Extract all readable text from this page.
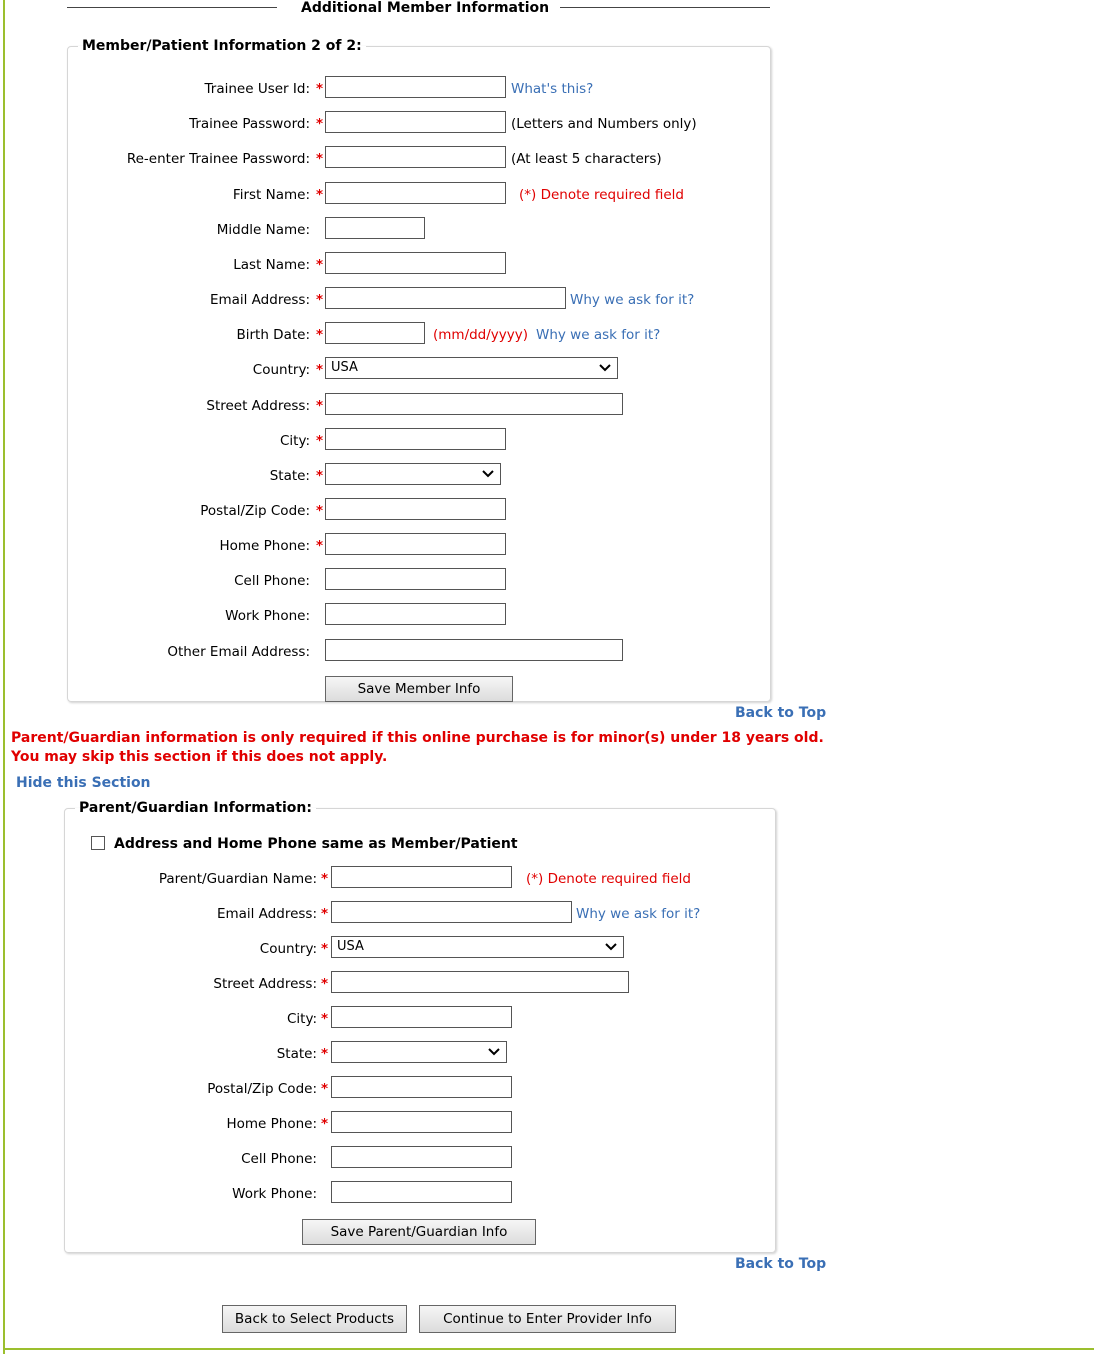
Additional Member Information
Member/Patient Information 2 of 2:
Trainee User Id: *	What's this?
Trainee Password: *	(Letters and Numbers only)
Re-enter Trainee Password: *	(At least 5 characters)
First Name: *	(*) Denote required field
Middle Name:
Last Name: *
Email Address: *	Why we ask for it?
Birth Date: *	(mm/dd/yyyy) Why we ask for it?
Country: * USA
Street Address: *
City: *
State: *
Postal/Zip Code: *
Home Phone: *
Cell Phone:
Work Phone:
Other Email Address:
Save Member Info
Back to Top
Parent/Guardian information is only required if this online purchase is for minor(s) under 18 years old. You may skip this section if this does not apply.
Hide this Section
Parent/Guardian Information:
Address and Home Phone same as Member/Patient
Parent/Guardian Name: *	(*) Denote required field
Email Address: *	Why we ask for it?
Country: * USA
Street Address: *
City: *
State: *
Postal/Zip Code: *
Home Phone: *
Cell Phone:
Work Phone:
Save Parent/Guardian Info
Back to Top
Back to Select Products	Continue to Enter Provider Info
